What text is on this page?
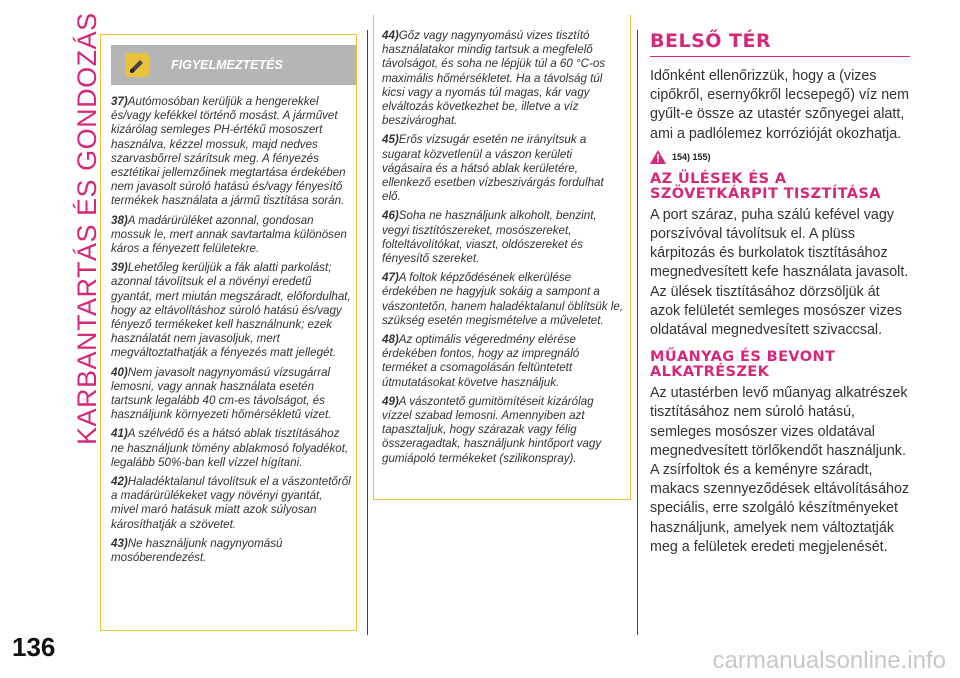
KARBANTARTÁS ÉS GONDOZÁS	FIGYELMEZTETÉS

37)Autómosóban kerüljük a hengerekkel és/vagy kefékkel történő mosást. A járművet kizárólag semleges PH-értékű mososzert használva, kézzel mossuk, majd nedves szarvasbőrrel szárítsuk meg. A fényezés esztétikai jellemzőinek megtartása érdekében nem javasolt súroló hatású és/vagy fényesítő termékek használata a jármű tisztítása során.

38)A madárürüléket azonnal, gondosan mossuk le, mert annak savtartalma különösen káros a fényezett felületekre.

39)Lehetőleg kerüljük a fák alatti parkolást; azonnal távolítsuk el a növényi eredetű gyantát, mert miután megszáradt, előfordulhat, hogy az eltávolításhoz súroló hatású és/vagy fényező termékeket kell használnunk; ezek használatát nem javasoljuk, mert megváltoztathatják a fényezés matt jellegét.

40)Nem javasolt nagynyomású vízsugárral lemosni, vagy annak használata esetén tartsunk legalább 40 cm-es távolságot, és használjunk környezeti hőmérsékletű vizet.

41)A szélvédő és a hátsó ablak tisztításához ne használjunk tömény ablakmosó folyadékot, legalább 50%-ban kell vízzel hígítani.

42)Haladéktalanul távolítsuk el a vászontetőről a madárürülékeket vagy növényi gyantát, mivel maró hatásuk miatt azok súlyosan károsíthatják a szövetet.

43)Ne használjunk nagynyomású mosóberendezést.

44)Gőz vagy nagynyomású vizes tisztító használatakor mindig tartsuk a megfelelő távolságot, és soha ne lépjük túl a 60 °C-os maximális hőmérsékletet. Ha a távolság túl kicsi vagy a nyomás túl magas, kár vagy elváltozás következhet be, illetve a víz beszivároghat.

45)Erős vízsugár esetén ne irányítsuk a sugarat közvetlenül a vászon kerületi vágásaira és a hátsó ablak kerületére, ellenkező esetben vízbeszivárgás fordulhat elő.

46)Soha ne használjunk alkoholt, benzint, vegyi tisztítószereket, mosószereket, folteltávolítókat, viaszt, oldószereket és fényesítő szereket.

47)A foltok képződésének elkerülése érdekében ne hagyjuk sokáig a sampont a vászontetőn, hanem haladéktalanul öblítsük le, szükség esetén megismételve a műveletet.

48)Az optimális végeredmény elérése érdekében fontos, hogy az impregnáló terméket a csomagolásán feltüntetett útmutatásokat követve használjuk.

49)A vászontető gumitömítéseit kizárólag vízzel szabad lemosni. Amennyiben azt tapasztaljuk, hogy szárazak vagy félig összeragadtak, használjunk hintőport vagy gumiápoló termékeket (szilikonspray).

BELSŐ TÉR
Időnként ellenőrizzük, hogy a (vizes cipőkről, esernyőkről lecsepegő) víz nem gyűlt-e össze az utastér szőnyegei alatt, ami a padlólemez korrózióját okozhatja.
154) 155)
AZ ÜLÉSEK ÉS A SZÖVETKÁRPIT TISZTÍTÁSA
A port száraz, puha szálú kefével vagy porszívóval távolítsuk el. A plüss kárpitozás és burkolatok tisztításához megnedvesített kefe használata javasolt.
Az ülések tisztításához dörzsöljük át azok felületét semleges mosószer vizes oldatával megnedvesített szivaccsal.
MŰANYAG ÉS BEVONT ALKATRÉSZEK
Az utastérben levő műanyag alkatrészek tisztításához nem súroló hatású, semleges mosószer vizes oldatával megnedvesített törlőkendőt használjunk. A zsírfoltok és a keményre száradt, makacs szennyeződések eltávolításához speciális, erre szolgáló készítményeket használjunk, amelyek nem változtatják meg a felületek eredeti megjelenését.
136	carmanualsonline.info
